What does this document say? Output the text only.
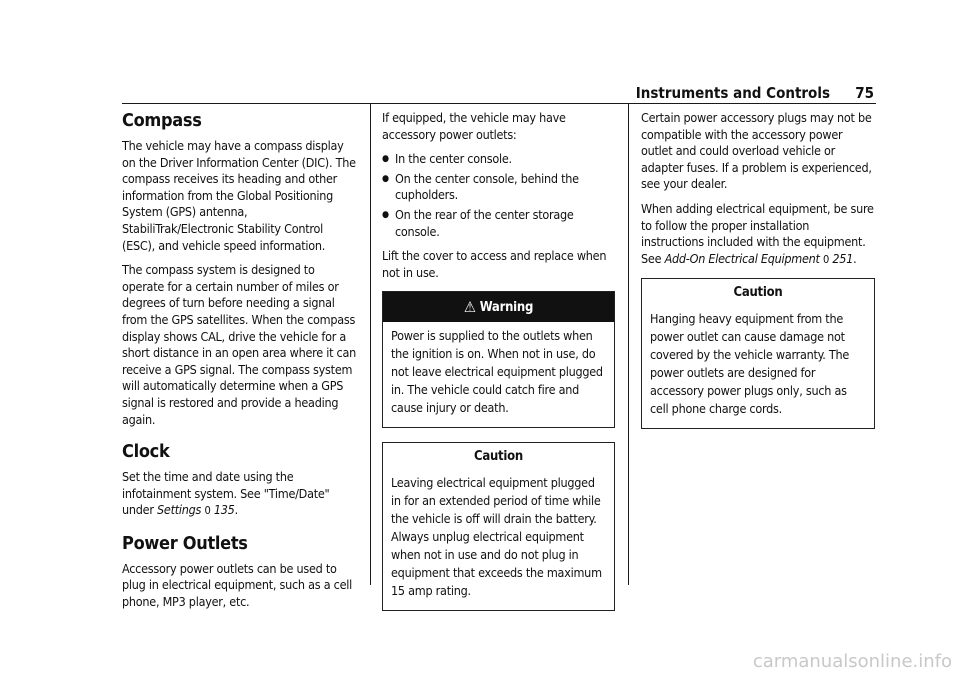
Instruments and Controls 75
Compass

The vehicle may have a compass display on the Driver Information Center (DIC). The compass receives its heading and other information from the Global Positioning System (GPS) antenna, StabiliTrak/Electronic Stability Control (ESC), and vehicle speed information.

The compass system is designed to operate for a certain number of miles or degrees of turn before needing a signal from the GPS satellites. When the compass display shows CAL, drive the vehicle for a short distance in an open area where it can receive a GPS signal. The compass system will automatically determine when a GPS signal is restored and provide a heading again.

Clock

Set the time and date using the infotainment system. See "Time/Date" under Settings 0 135.

Power Outlets

Accessory power outlets can be used to plug in electrical equipment, such as a cell phone, MP3 player, etc.

If equipped, the vehicle may have accessory power outlets:

● In the center console.
● On the center console, behind the cupholders.
● On the rear of the center storage console.

Lift the cover to access and replace when not in use.

⚠ Warning
Power is supplied to the outlets when the ignition is on. When not in use, do not leave electrical equipment plugged in. The vehicle could catch fire and cause injury or death.
Caution
Leaving electrical equipment plugged in for an extended period of time while the vehicle is off will drain the battery. Always unplug electrical equipment when not in use and do not plug in equipment that exceeds the maximum 15 amp rating.

Certain power accessory plugs may not be compatible with the accessory power outlet and could overload vehicle or adapter fuses. If a problem is experienced, see your dealer.

When adding electrical equipment, be sure to follow the proper installation instructions included with the equipment. See Add-On Electrical Equipment 0 251.

Caution
Hanging heavy equipment from the power outlet can cause damage not covered by the vehicle warranty. The power outlets are designed for accessory power plugs only, such as cell phone charge cords.
carmanualsonline.info
